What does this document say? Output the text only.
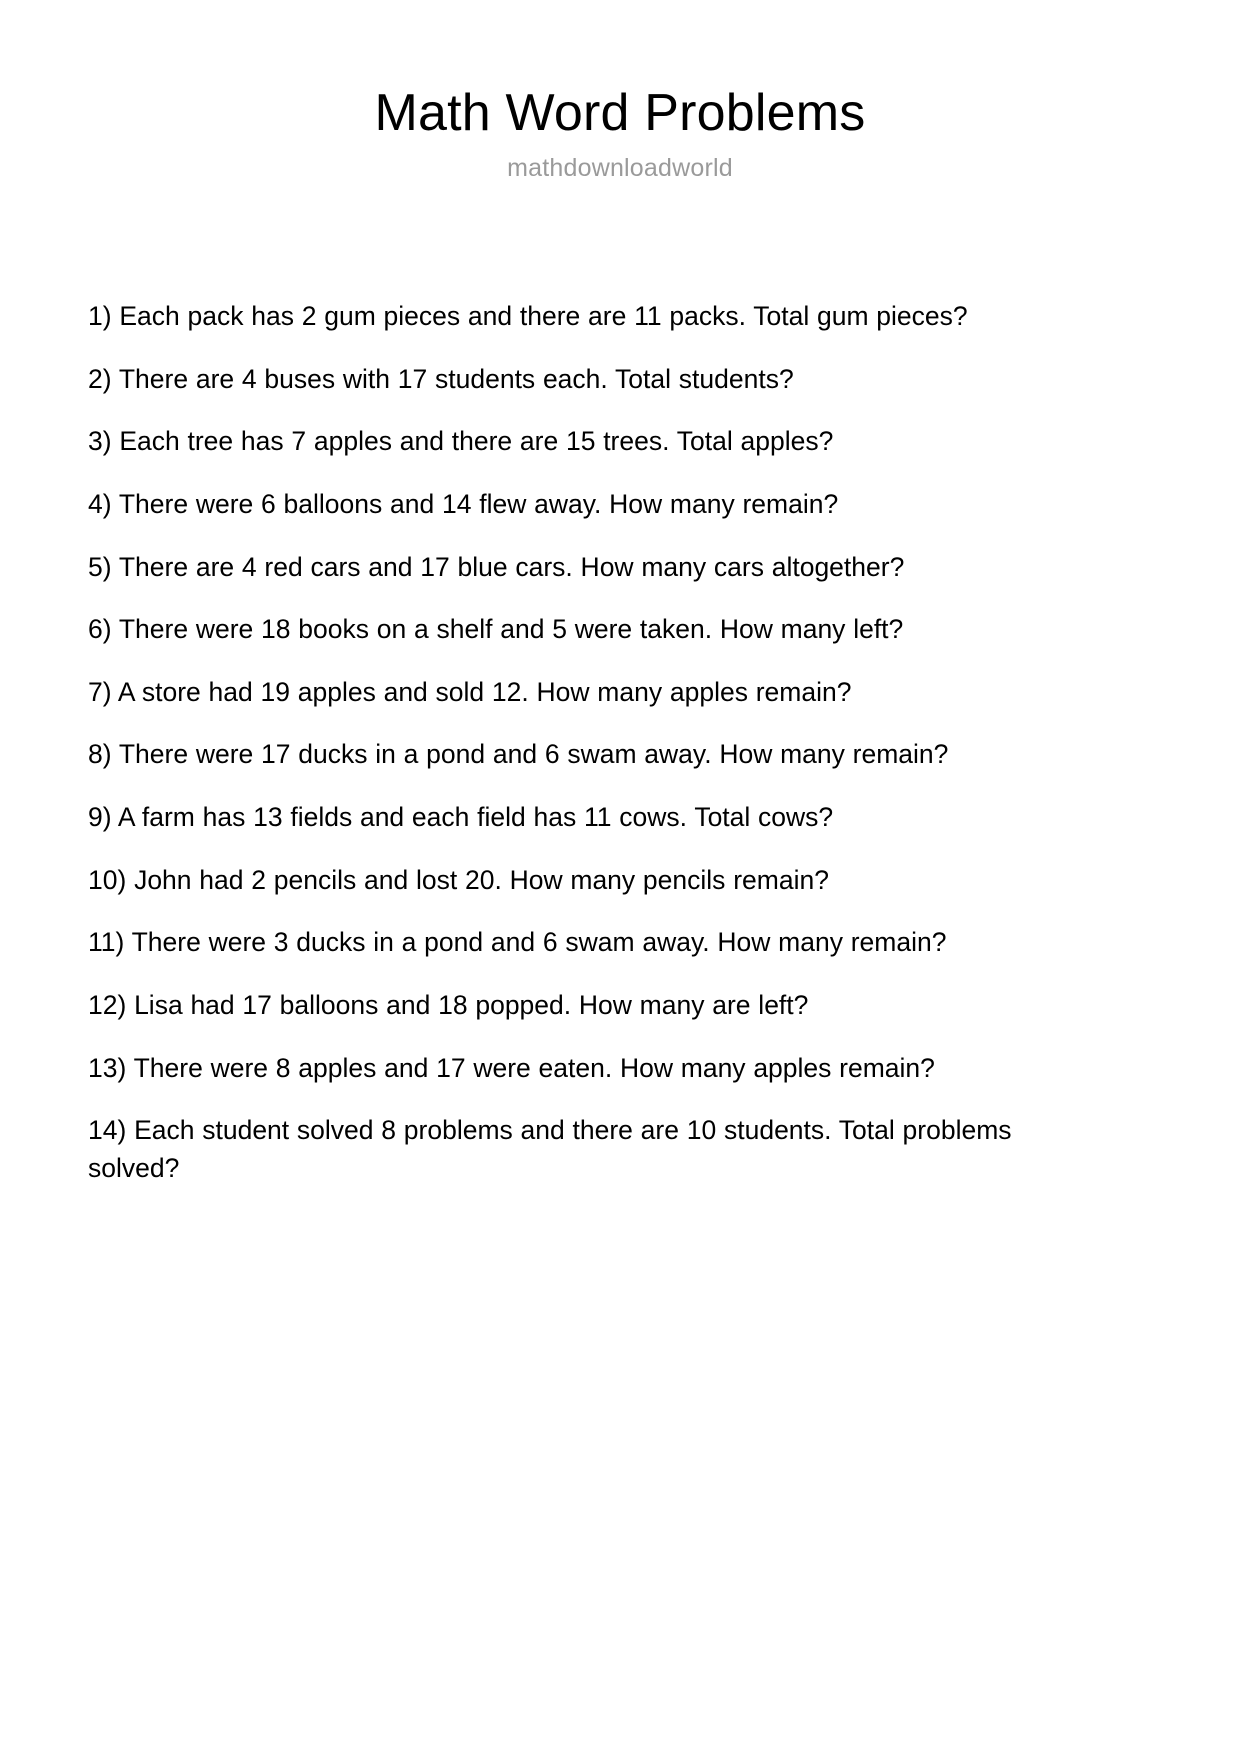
Math Word Problems

mathdownloadworld

1) Each pack has 2 gum pieces and there are 11 packs. Total gum pieces?
2) There are 4 buses with 17 students each. Total students?
3) Each tree has 7 apples and there are 15 trees. Total apples?
4) There were 6 balloons and 14 flew away. How many remain?
5) There are 4 red cars and 17 blue cars. How many cars altogether?
6) There were 18 books on a shelf and 5 were taken. How many left?
7) A store had 19 apples and sold 12. How many apples remain?
8) There were 17 ducks in a pond and 6 swam away. How many remain?
9) A farm has 13 fields and each field has 11 cows. Total cows?
10) John had 2 pencils and lost 20. How many pencils remain?
11) There were 3 ducks in a pond and 6 swam away. How many remain?
12) Lisa had 17 balloons and 18 popped. How many are left?
13) There were 8 apples and 17 were eaten. How many apples remain?
14) Each student solved 8 problems and there are 10 students. Total problems solved?
